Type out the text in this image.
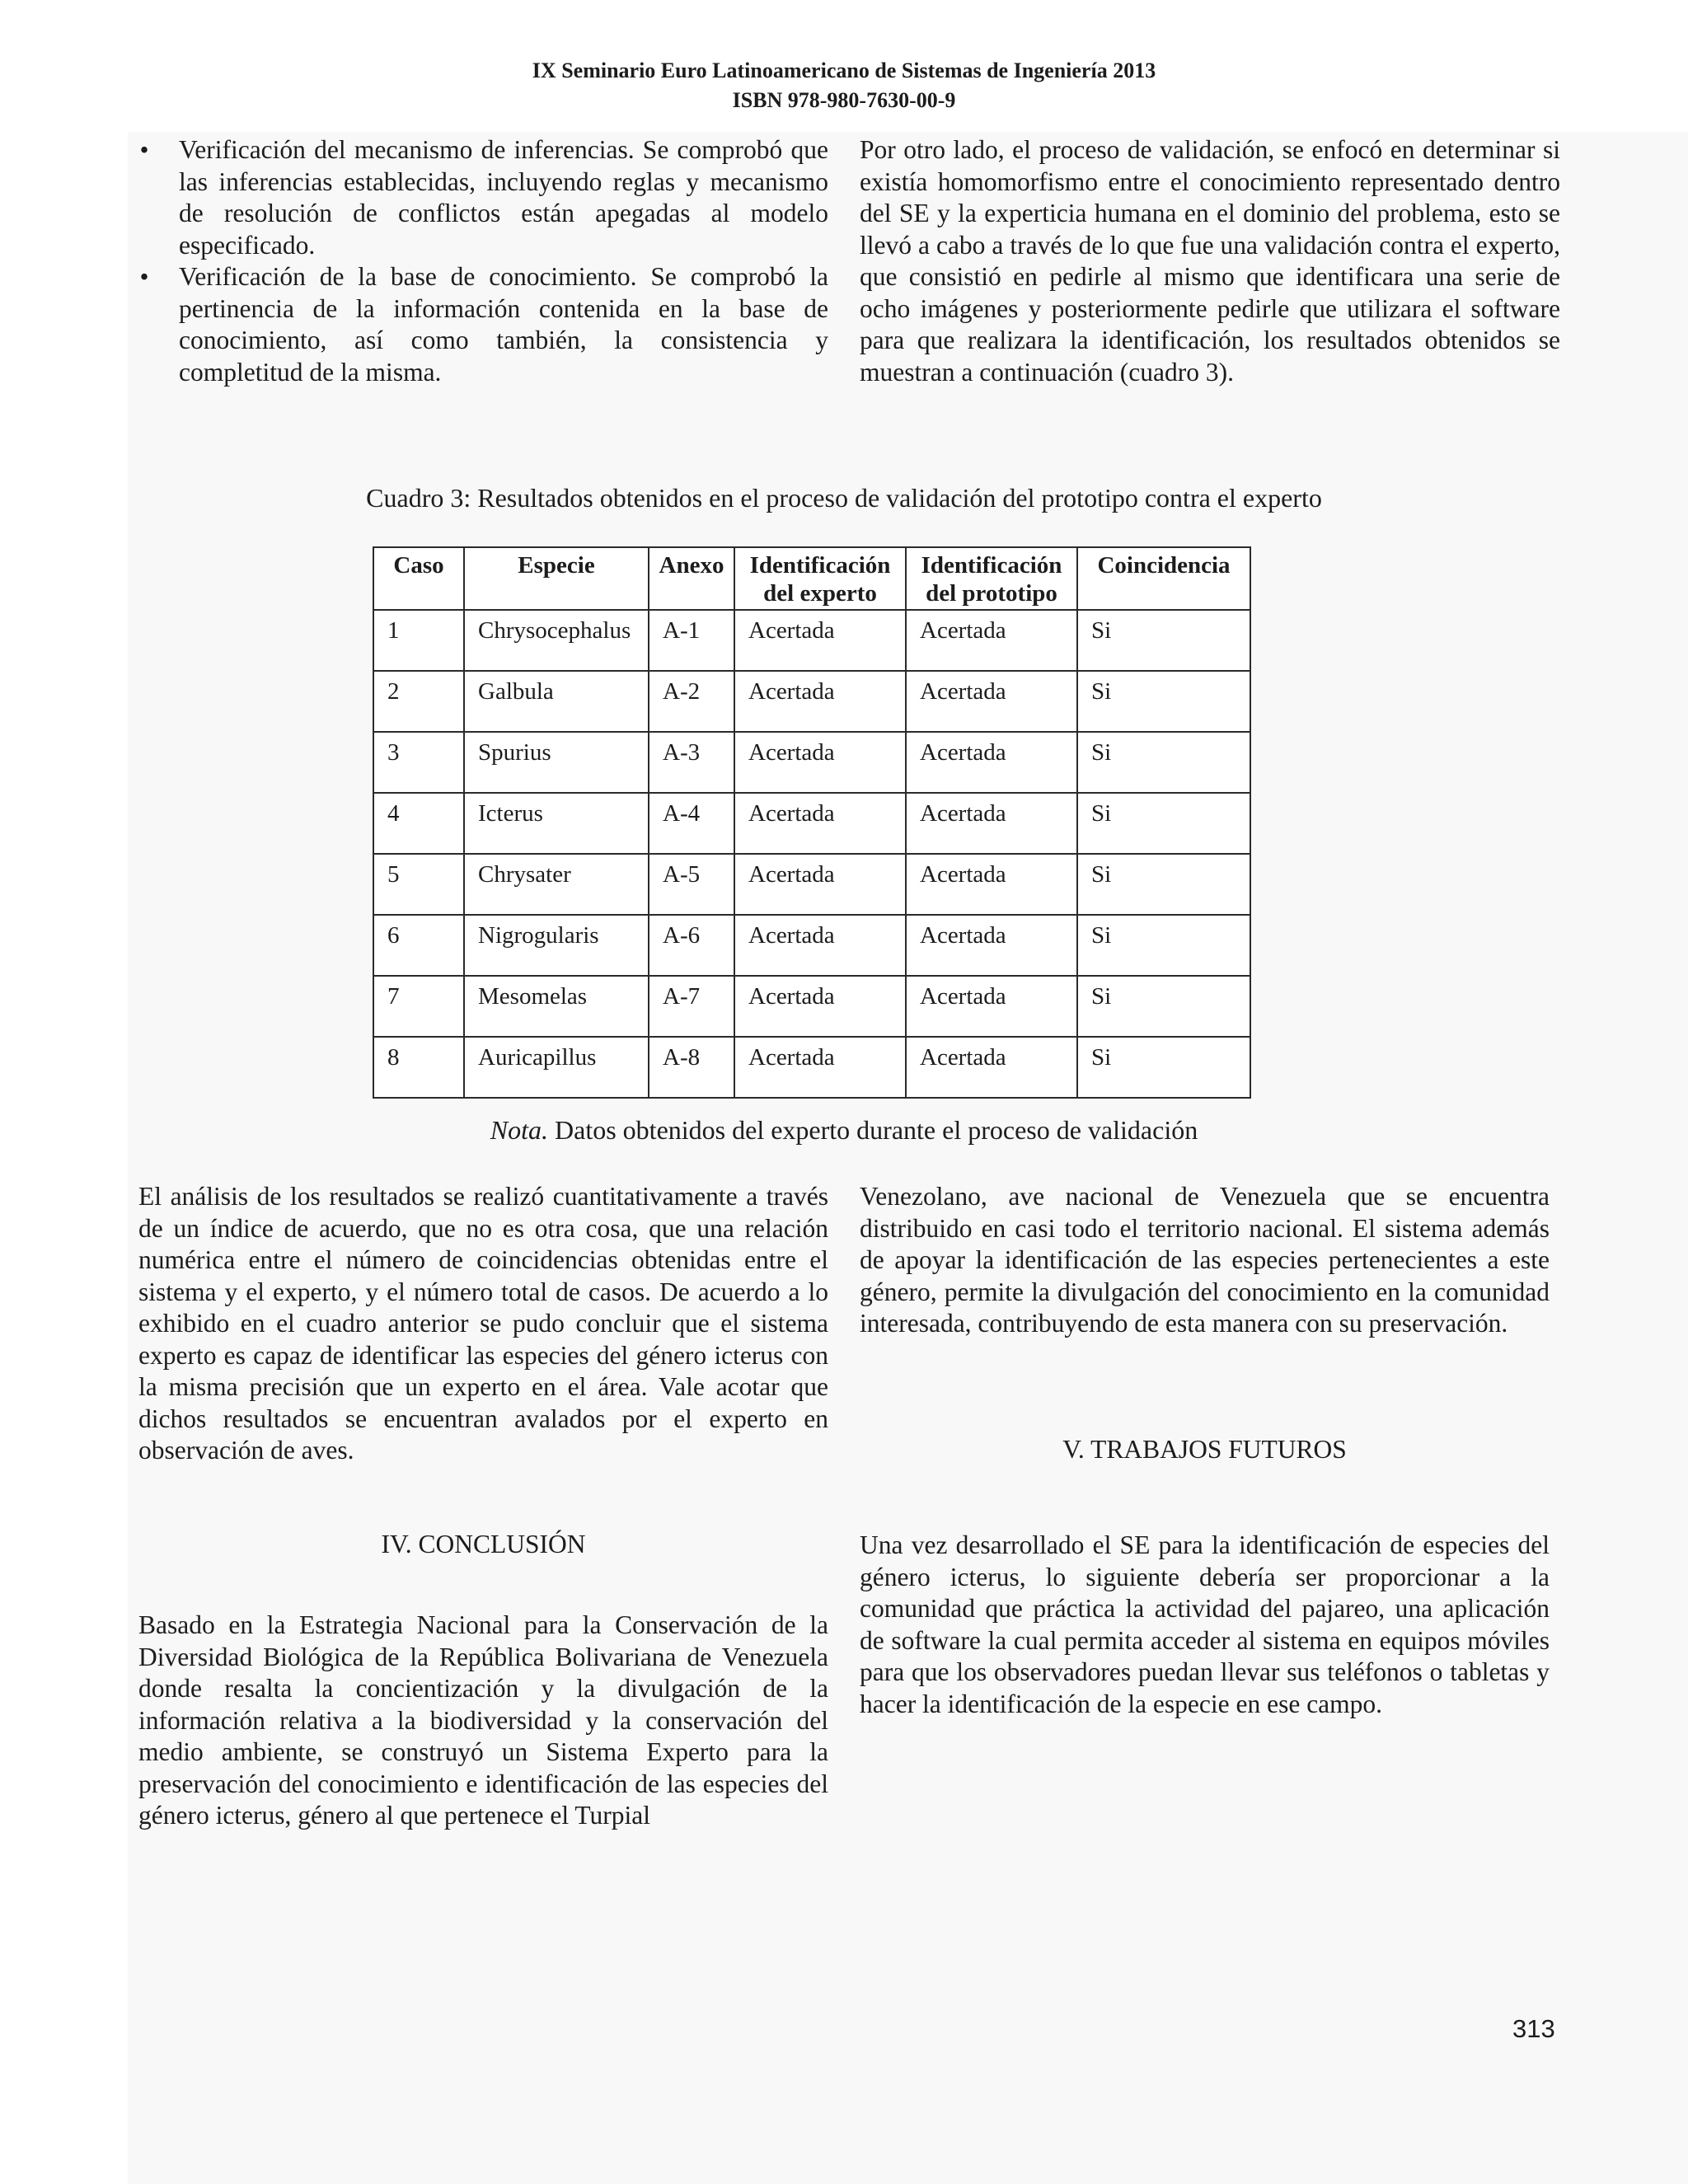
IX Seminario Euro Latinoamericano de Sistemas de Ingeniería 2013
ISBN 978-980-7630-00-9
•	Verificación del mecanismo de inferencias. Se comprobó que las inferencias establecidas, incluyendo reglas y mecanismo de resolución de conflictos están apegadas al modelo especificado.
•	Verificación de la base de conocimiento. Se comprobó la pertinencia de la información contenida en la base de conocimiento, así como también, la consistencia y completitud de la misma.

Por otro lado, el proceso de validación, se enfocó en determinar si existía homomorfismo entre el conocimiento representado dentro del SE y la experticia humana en el dominio del problema, esto se llevó a cabo a través de lo que fue una validación contra el experto, que consistió en pedirle al mismo que identificara una serie de ocho imágenes y posteriormente pedirle que utilizara el software para que realizara la identificación, los resultados obtenidos se muestran a continuación (cuadro 3).

Cuadro 3: Resultados obtenidos en el proceso de validación del prototipo contra el experto
Caso	Especie	Anexo	Identificación del experto	Identificación del prototipo	Coincidencia
1	Chrysocephalus	A-1	Acertada	Acertada	Si
2	Galbula	A-2	Acertada	Acertada	Si
3	Spurius	A-3	Acertada	Acertada	Si
4	Icterus	A-4	Acertada	Acertada	Si
5	Chrysater	A-5	Acertada	Acertada	Si
6	Nigrogularis	A-6	Acertada	Acertada	Si
7	Mesomelas	A-7	Acertada	Acertada	Si
8	Auricapillus	A-8	Acertada	Acertada	Si
Nota. Datos obtenidos del experto durante el proceso de validación

El análisis de los resultados se realizó cuantitativamente a través de un índice de acuerdo, que no es otra cosa, que una relación numérica entre el número de coincidencias obtenidas entre el sistema y el experto, y el número total de casos. De acuerdo a lo exhibido en el cuadro anterior se pudo concluir que el sistema experto es capaz de identificar las especies del género icterus con la misma precisión que un experto en el área. Vale acotar que dichos resultados se encuentran avalados por el experto en observación de aves.

IV. CONCLUSIÓN

Basado en la Estrategia Nacional para la Conservación de la Diversidad Biológica de la República Bolivariana de Venezuela donde resalta la concientización y la divulgación de la información relativa a la biodiversidad y la conservación del medio ambiente, se construyó un Sistema Experto para la preservación del conocimiento e identificación de las especies del género icterus, género al que pertenece el Turpial

Venezolano, ave nacional de Venezuela que se encuentra distribuido en casi todo el territorio nacional. El sistema además de apoyar la identificación de las especies pertenecientes a este género, permite la divulgación del conocimiento en la comunidad interesada, contribuyendo de esta manera con su preservación.

V. TRABAJOS FUTUROS

Una vez desarrollado el SE para la identificación de especies del género icterus, lo siguiente debería ser proporcionar a la comunidad que práctica la actividad del pajareo, una aplicación de software la cual permita acceder al sistema en equipos móviles para que los observadores puedan llevar sus teléfonos o tabletas y hacer la identificación de la especie en ese campo.

313
